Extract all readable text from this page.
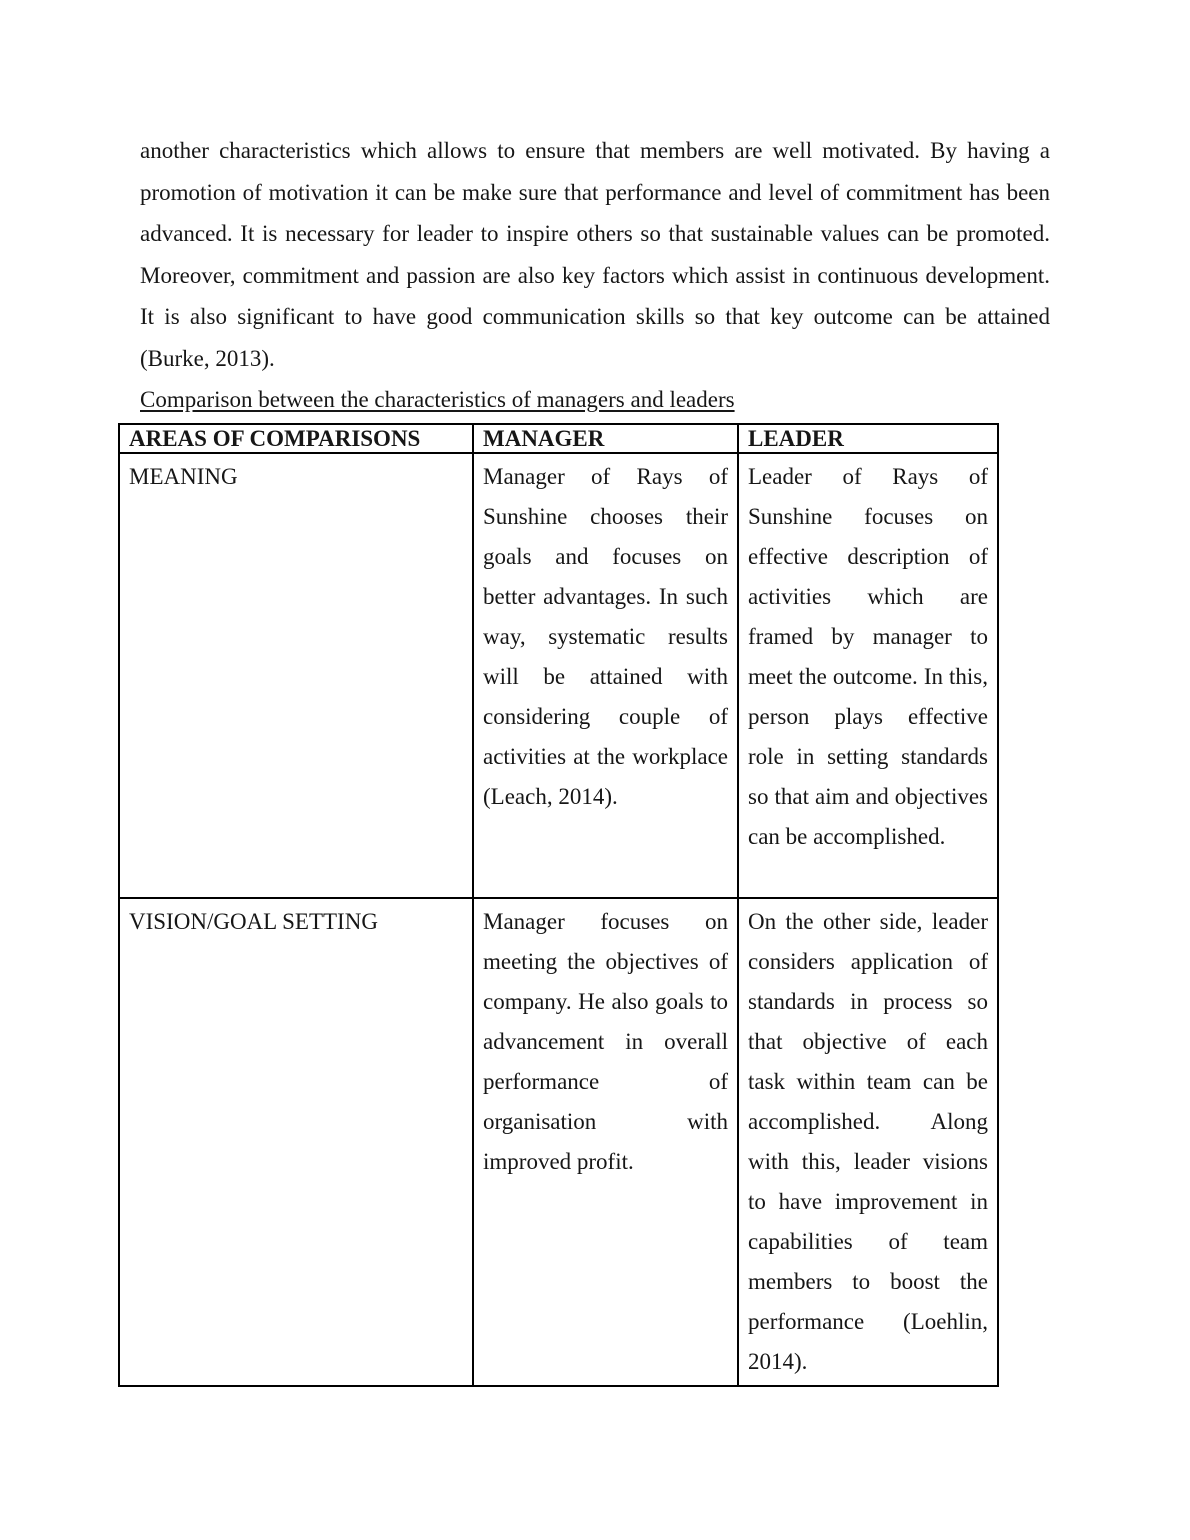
another characteristics which allows to ensure that members are well motivated. By having a promotion of motivation it can be make sure that performance and level of commitment has been advanced. It is necessary for leader to inspire others so that sustainable values can be promoted. Moreover, commitment and passion are also key factors which assist in continuous development. It is also significant to have good communication skills so that key outcome can be attained (Burke, 2013).

Comparison between the characteristics of managers and leaders
AREAS OF COMPARISONS	MANAGER	LEADER
MEANING	Manager of Rays of Sunshine chooses their goals and focuses on better advantages. In such way, systematic results will be attained with considering couple of activities at the workplace (Leach, 2014).	Leader of Rays of Sunshine focuses on effective description of activities which are framed by manager to meet the outcome. In this, person plays effective role in setting standards so that aim and objectives can be accomplished.
VISION/GOAL SETTING	Manager focuses on meeting the objectives of company. He also goals to advancement in overall performance of organisation with improved profit.	On the other side, leader considers application of standards in process so that objective of each task within team can be accomplished. Along with this, leader visions to have improvement in capabilities of team members to boost the performance (Loehlin, 2014).
